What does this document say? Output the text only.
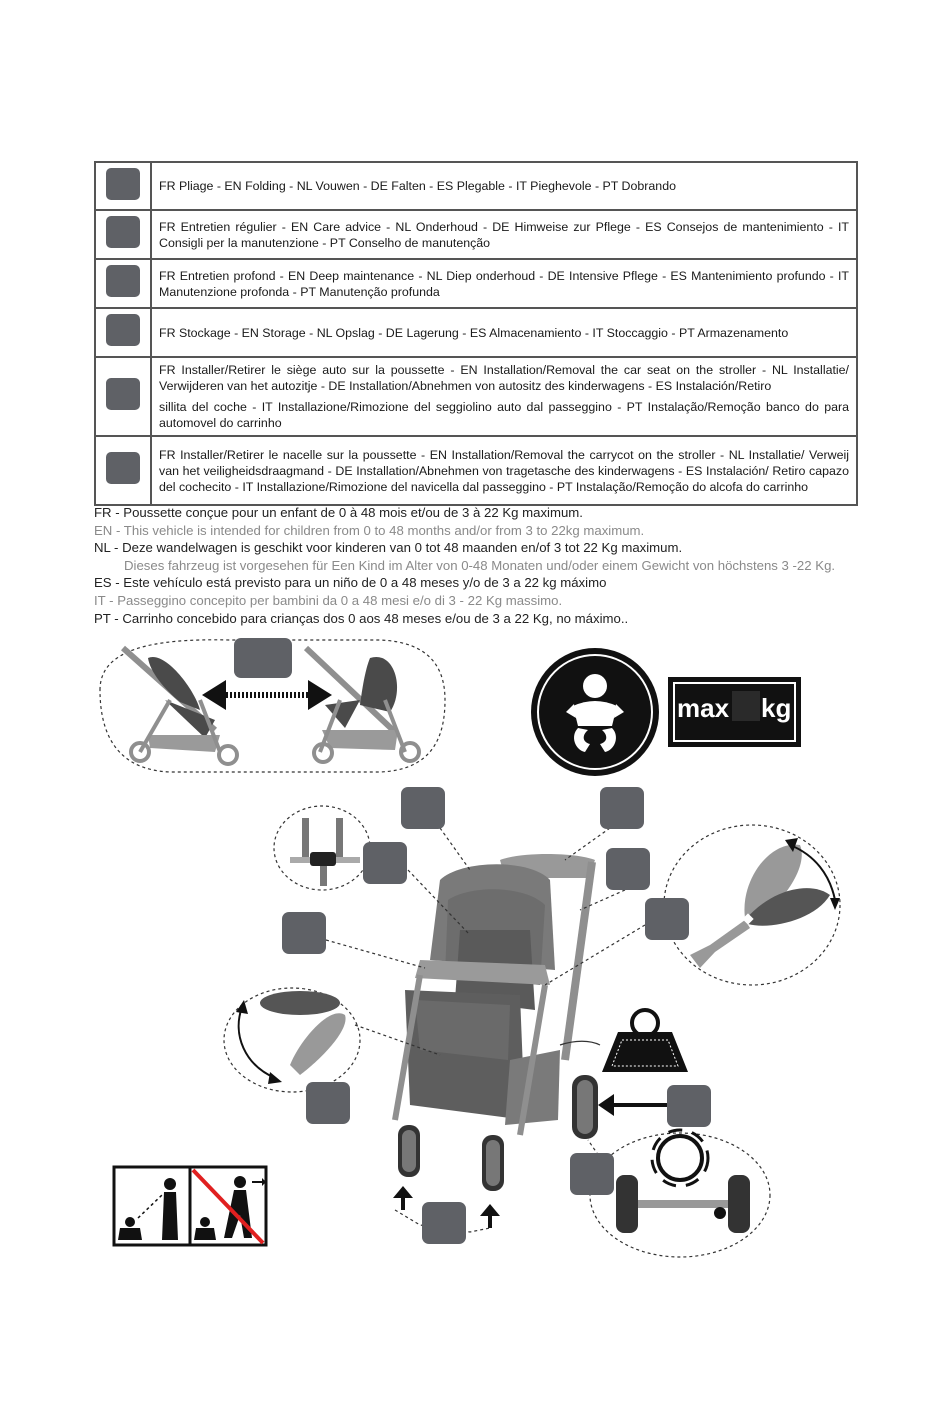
	FR Pliage - EN Folding - NL Vouwen - DE Falten - ES Plegable - IT Pieghevole - PT Dobrando

	FR Entretien régulier - EN Care advice - NL Onderhoud - DE Himweise zur Pflege - ES Consejos de mantenimiento - IT Consigli per la manutenzione - PT Conselho de manutenção

	FR Entretien profond - EN Deep maintenance - NL Diep onderhoud - DE Intensive Pflege - ES Mantenimiento profundo - IT Manutenzione profonda - PT Manutenção profunda

	FR Stockage - EN Storage - NL Opslag - DE Lagerung - ES Almacenamiento - IT Stoccaggio - PT Armazenamento

	FR Installer/Retirer le siège auto sur la poussette - EN Installation/Removal the car seat on the stroller - NL Installatie/ Verwijderen van het autozitje - DE Installation/Abnehmen von autositz des kinderwagens - ES Instalación/Retiro

sillita del coche - IT Installazione/Rimozione del seggiolino auto dal passeggino - PT Instalação/Remoção banco do para automovel do carrinho

	FR Installer/Retirer le nacelle sur la poussette - EN Installation/Removal the carrycot on the stroller - NL Installatie/ Verweij van het veiligheidsdraagmand - DE Installation/Abnehmen von tragetasche des kinderwagens - ES Instalación/ Retiro capazo del cochecito - IT Installazione/Rimozione del navicella dal passeggino - PT Instalação/Remoção do alcofa do carrinho

FR - Poussette conçue pour un enfant de 0 à 48 mois et/ou de 3 à 22 Kg maximum.
EN - This vehicle is intended for children from 0 to 48 months and/or from 3 to 22kg maximum.
NL - Deze wandelwagen is geschikt voor kinderen van 0 tot 48 maanden en/of 3 tot 22 Kg maximum.
Dieses fahrzeug ist vorgesehen für Een Kind im Alter von 0-48 Monaten und/oder einem Gewicht von höchstens 3 -22 Kg.
ES - Este vehículo está previsto para un niño de 0 a 48 meses y/o de 3 a 22 kg máximo
IT - Passeggino concepito per bambini da 0 a 48 mesi e/o di 3 - 22 Kg massimo.
PT - Carrinho concebido para crianças dos 0 aos 48 meses e/ou de 3 a 22 Kg, no máximo..
max kg
